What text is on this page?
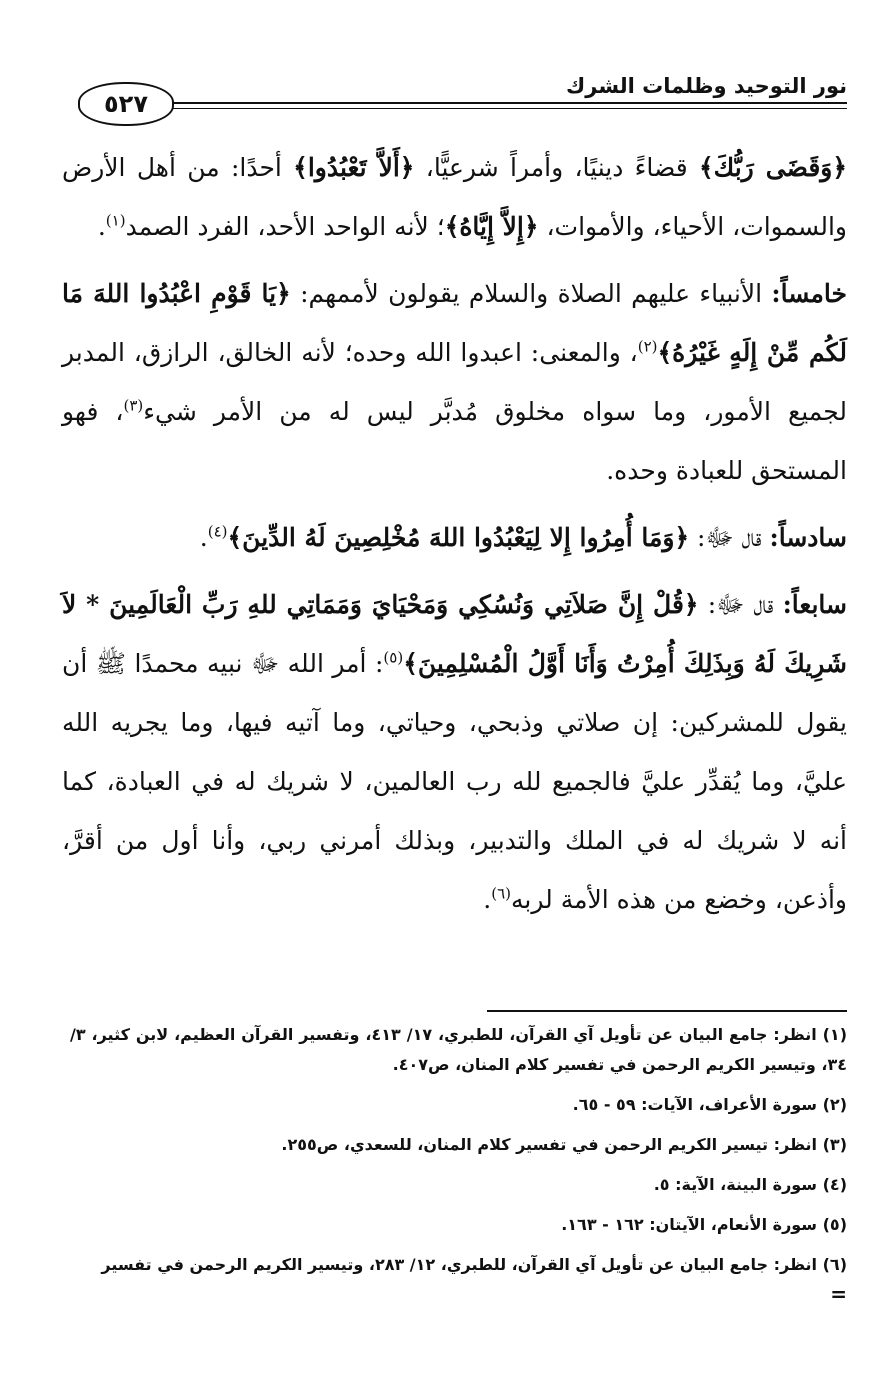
نور التوحيد وظلمات الشرك
٥٢٧

﴿وَقَضَى رَبُّكَ﴾ قضاءً دينيًا، وأمراً شرعيًّا، ﴿أَلاَّ تَعْبُدُوا﴾ أحدًا: من أهل الأرض والسموات، الأحياء، والأموات، ﴿إِلاَّ إِيَّاهُ﴾؛ لأنه الواحد الأحد، الفرد الصمد$^{(١)}$.

خامساً: الأنبياء عليهم الصلاة والسلام يقولون لأممهم: ﴿يَا قَوْمِ اعْبُدُوا اللهَ مَا لَكُم مِّنْ إِلَهٍ غَيْرُهُ﴾$^{(٢)}$، والمعنى: اعبدوا الله وحده؛ لأنه الخالق، الرازق، المدبر لجميع الأمور، وما سواه مخلوق مُدبَّر ليس له من الأمر شيء$^{(٣)}$، فهو المستحق للعبادة وحده.

سادساً: قال ﷻ: ﴿وَمَا أُمِرُوا إِلا لِيَعْبُدُوا اللهَ مُخْلِصِينَ لَهُ الدِّينَ﴾$^{(٤)}$.

سابعاً: قال ﷻ: ﴿قُلْ إِنَّ صَلاَتِي وَنُسُكِي وَمَحْيَايَ وَمَمَاتِي للهِ رَبِّ الْعَالَمِينَ * لاَ شَرِيكَ لَهُ وَبِذَلِكَ أُمِرْتُ وَأَنَا أَوَّلُ الْمُسْلِمِينَ﴾$^{(٥)}$: أمر الله ﷻ نبيه محمدًا ﷺ أن يقول للمشركين: إن صلاتي وذبحي، وحياتي، وما آتيه فيها، وما يجريه الله عليَّ، وما يُقدِّر عليَّ فالجميع لله رب العالمين، لا شريك له في العبادة، كما أنه لا شريك له في الملك والتدبير، وبذلك أمرني ربي، وأنا أول من أقرَّ، وأذعن، وخضع من هذه الأمة لربه$^{(٦)}$.

(١) انظر: جامع البيان عن تأويل آي القرآن، للطبري، ١٧/ ٤١٣، وتفسير القرآن العظيم، لابن كثير، ٣/ ٣٤، وتيسير الكريم الرحمن في تفسير كلام المنان، ص٤٠٧.
(٢) سورة الأعراف، الآيات: ٥٩ - ٦٥.
(٣) انظر: تيسير الكريم الرحمن في تفسير كلام المنان، للسعدي، ص٢٥٥.
(٤) سورة البينة، الآية: ٥.
(٥) سورة الأنعام، الآيتان: ١٦٢ - ١٦٣.
(٦) انظر: جامع البيان عن تأويل آي القرآن، للطبري، ١٢/ ٢٨٣، وتيسير الكريم الرحمن في تفسير
=
